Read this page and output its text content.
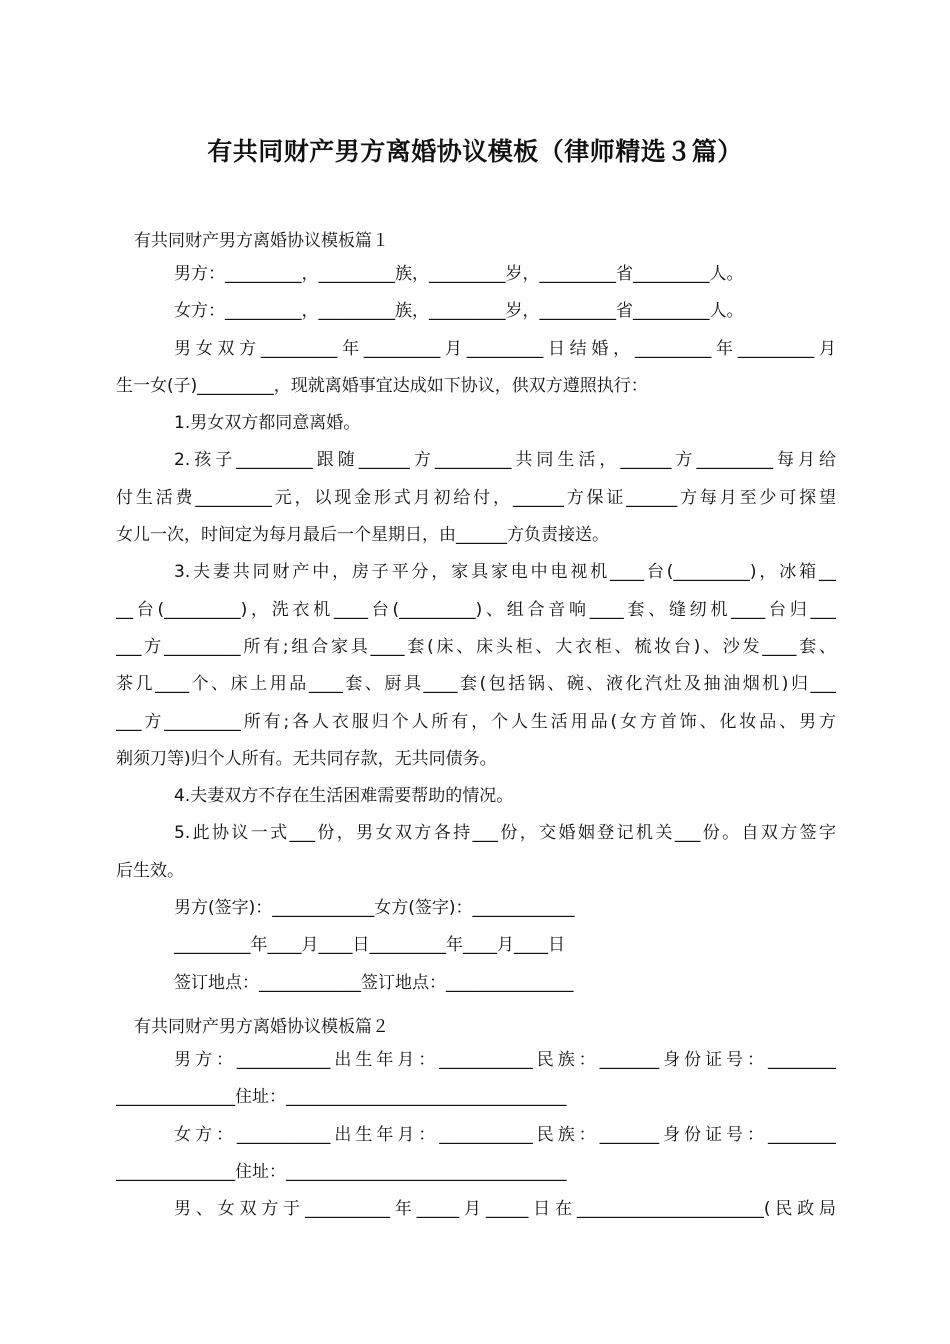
有共同财产男方离婚协议模板（律师精选３篇）

有共同财产男方离婚协议模板篇１

男方：_________，_________族，_________岁，_________省_________人。
女方：_________，_________族，_________岁，_________省_________人。
男女双方_________年_________月_________日结婚，_________年_________月
生一女(子)_________，现就离婚事宜达成如下协议，供双方遵照执行：
1.男女双方都同意离婚。
2.孩子_________跟随______方_________共同生活，______方_________每月给
付生活费_________元，以现金形式月初给付，______方保证______方每月至少可探望
女儿一次，时间定为每月最后一个星期日，由______方负责接送。
3.夫妻共同财产中，房子平分，家具家电中电视机____台(_________)，冰箱__
__台(_________)，洗衣机____台(_________)、组合音响____套、缝纫机____台归___
___方_________所有;组合家具____套(床、床头柜、大衣柜、梳妆台)、沙发____套、
茶几____个、床上用品____套、厨具____套(包括锅、碗、液化汽灶及抽油烟机)归___
___方_________所有;各人衣服归个人所有，个人生活用品(女方首饰、化妆品、男方
剃须刀等)归个人所有。无共同存款，无共同债务。
4.夫妻双方不存在生活困难需要帮助的情况。
5.此协议一式___份，男女双方各持___份，交婚姻登记机关___份。自双方签字
后生效。
男方(签字)：____________女方(签字)：____________
_________年____月____日_________年____月____日
签订地点：____________签订地点：_______________

有共同财产男方离婚协议模板篇２

男方：___________出生年月：___________民族：_______身份证号：________
______________住址：_________________________________
女方：___________出生年月：___________民族：_______身份证号：________
______________住址：_________________________________
男、女双方于__________年_____月_____日在______________________(民政局
